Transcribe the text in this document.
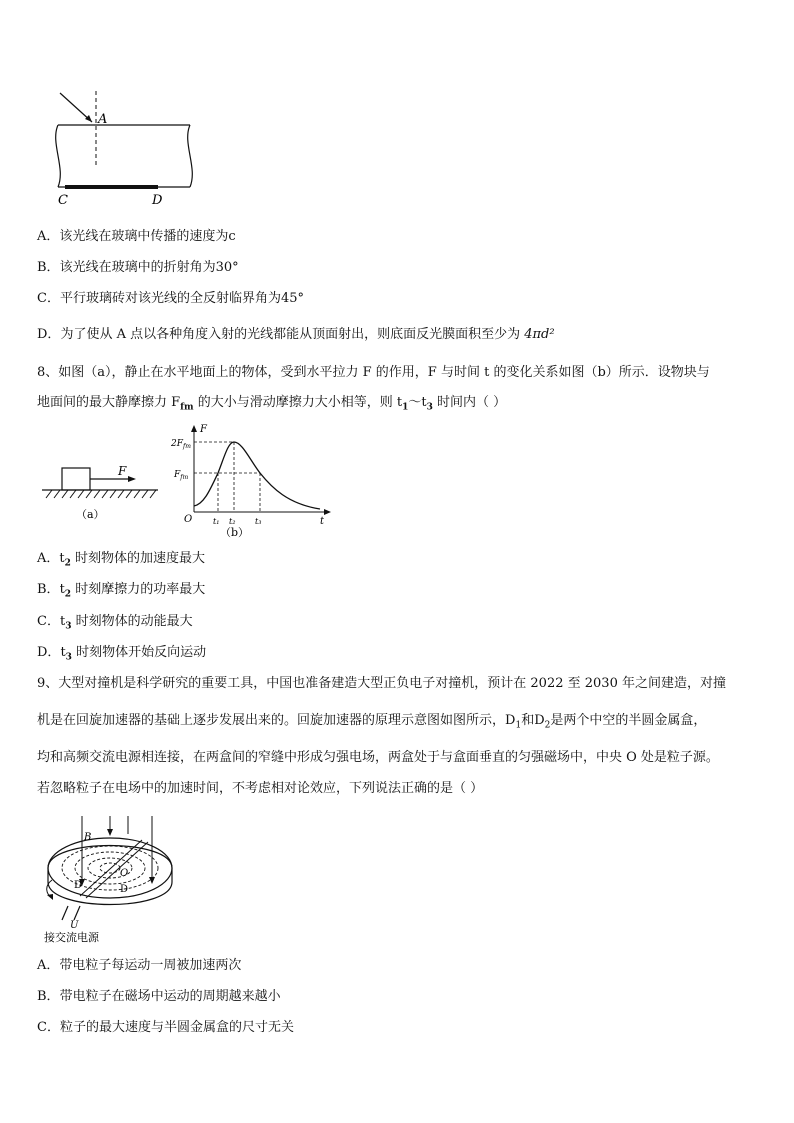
A
C	D
A．该光线在玻璃中传播的速度为c
B．该光线在玻璃中的折射角为30°
C．平行玻璃砖对该光线的全反射临界角为45°
D．为了使从 A 点以各种角度入射的光线都能从顶面射出，则底面反光膜面积至少为 4πd²
8、如图（a），静止在水平地面上的物体，受到水平拉力 F 的作用，F 与时间 t 的变化关系如图（b）所示．设物块与
地面间的最大静摩擦力 $F_{fm}$ 的大小与滑动摩擦力大小相等，则 $t_1\sim t_3$ 时间内（ ）
F
（a）
F
t
O
$2F_{fm}$
$F_{fm}$
t₁ t₂ t₃
（b）
A．$t_2$ 时刻物体的加速度最大
B．$t_2$ 时刻摩擦力的功率最大
C．$t_3$ 时刻物体的动能最大
D．$t_3$ 时刻物体开始反向运动
9、大型对撞机是科学研究的重要工具，中国也准备建造大型正负电子对撞机，预计在 2022 至 2030 年之间建造，对撞
机是在回旋加速器的基础上逐步发展出来的。回旋加速器的原理示意图如图所示，$D_1$和$D_2$是两个中空的半圆金属盒，
均和高频交流电源相连接，在两盒间的窄缝中形成匀强电场，两盒处于与盒面垂直的匀强磁场中，中央 O 处是粒子源。
若忽略粒子在电场中的加速时间，不考虑相对论效应，下列说法正确的是（ ）
B
O
D	D
U
接交流电源
A．带电粒子每运动一周被加速两次
B．带电粒子在磁场中运动的周期越来越小
C．粒子的最大速度与半圆金属盒的尺寸无关
